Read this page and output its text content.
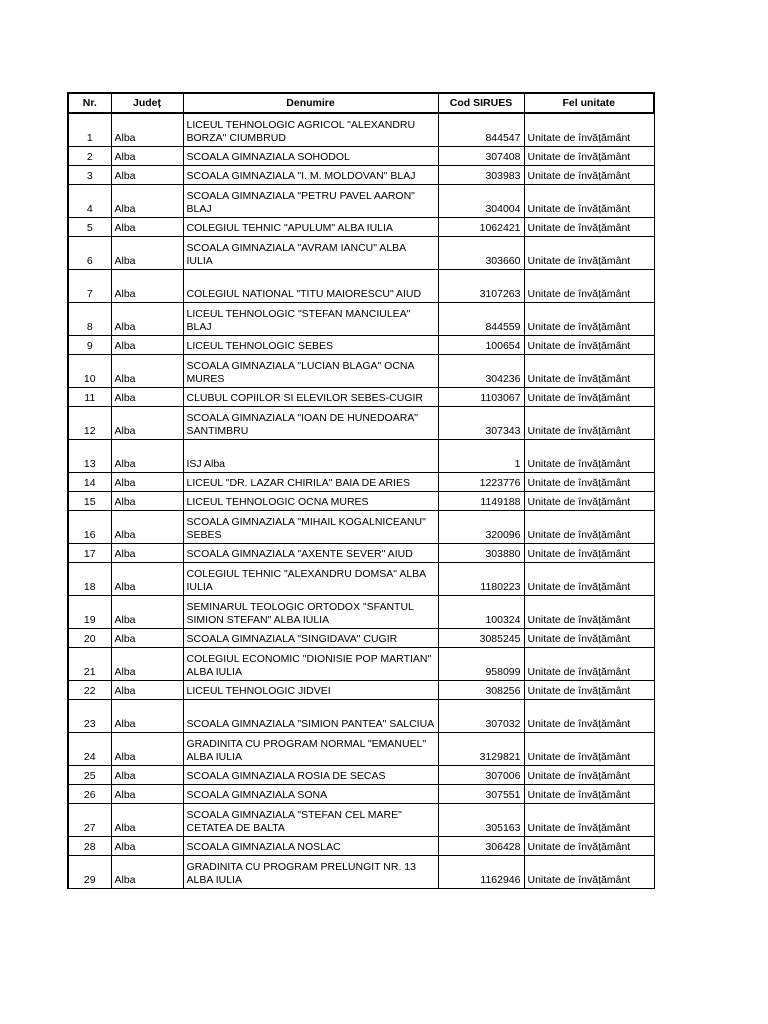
Nr.	Județ	Denumire	Cod SIRUES	Fel unitate
1	Alba	LICEUL TEHNOLOGIC AGRICOL "ALEXANDRU BORZA" CIUMBRUD	844547	Unitate de învățământ
2	Alba	SCOALA GIMNAZIALA SOHODOL	307408	Unitate de învățământ
3	Alba	SCOALA GIMNAZIALA "I. M. MOLDOVAN" BLAJ	303983	Unitate de învățământ
4	Alba	SCOALA GIMNAZIALA "PETRU PAVEL AARON" BLAJ	304004	Unitate de învățământ
5	Alba	COLEGIUL TEHNIC "APULUM" ALBA IULIA	1062421	Unitate de învățământ
6	Alba	SCOALA GIMNAZIALA "AVRAM IANCU" ALBA IULIA	303660	Unitate de învățământ
7	Alba	COLEGIUL NATIONAL "TITU MAIORESCU" AIUD	3107263	Unitate de învățământ
8	Alba	LICEUL TEHNOLOGIC "STEFAN MANCIULEA" BLAJ	844559	Unitate de învățământ
9	Alba	LICEUL TEHNOLOGIC SEBES	100654	Unitate de învățământ
10	Alba	SCOALA GIMNAZIALA "LUCIAN BLAGA" OCNA MURES	304236	Unitate de învățământ
11	Alba	CLUBUL COPIILOR SI ELEVILOR SEBES-CUGIR	1103067	Unitate de învățământ
12	Alba	SCOALA GIMNAZIALA "IOAN DE HUNEDOARA" SANTIMBRU	307343	Unitate de învățământ
13	Alba	ISJ Alba	1	Unitate de învățământ
14	Alba	LICEUL "DR. LAZAR CHIRILA" BAIA DE ARIES	1223776	Unitate de învățământ
15	Alba	LICEUL TEHNOLOGIC OCNA MURES	1149188	Unitate de învățământ
16	Alba	SCOALA GIMNAZIALA "MIHAIL KOGALNICEANU" SEBES	320096	Unitate de învățământ
17	Alba	SCOALA GIMNAZIALA "AXENTE SEVER" AIUD	303880	Unitate de învățământ
18	Alba	COLEGIUL TEHNIC "ALEXANDRU DOMSA" ALBA IULIA	1180223	Unitate de învățământ
19	Alba	SEMINARUL TEOLOGIC ORTODOX "SFANTUL SIMION STEFAN" ALBA IULIA	100324	Unitate de învățământ
20	Alba	SCOALA GIMNAZIALA "SINGIDAVA" CUGIR	3085245	Unitate de învățământ
21	Alba	COLEGIUL ECONOMIC "DIONISIE POP MARTIAN" ALBA IULIA	958099	Unitate de învățământ
22	Alba	LICEUL TEHNOLOGIC JIDVEI	308256	Unitate de învățământ
23	Alba	SCOALA GIMNAZIALA "SIMION PANTEA" SALCIUA	307032	Unitate de învățământ
24	Alba	GRADINITA CU PROGRAM NORMAL "EMANUEL" ALBA IULIA	3129821	Unitate de învățământ
25	Alba	SCOALA GIMNAZIALA ROSIA DE SECAS	307006	Unitate de învățământ
26	Alba	SCOALA GIMNAZIALA SONA	307551	Unitate de învățământ
27	Alba	SCOALA GIMNAZIALA "STEFAN CEL MARE" CETATEA DE BALTA	305163	Unitate de învățământ
28	Alba	SCOALA GIMNAZIALA NOSLAC	306428	Unitate de învățământ
29	Alba	GRADINITA CU PROGRAM PRELUNGIT NR. 13 ALBA IULIA	1162946	Unitate de învățământ
